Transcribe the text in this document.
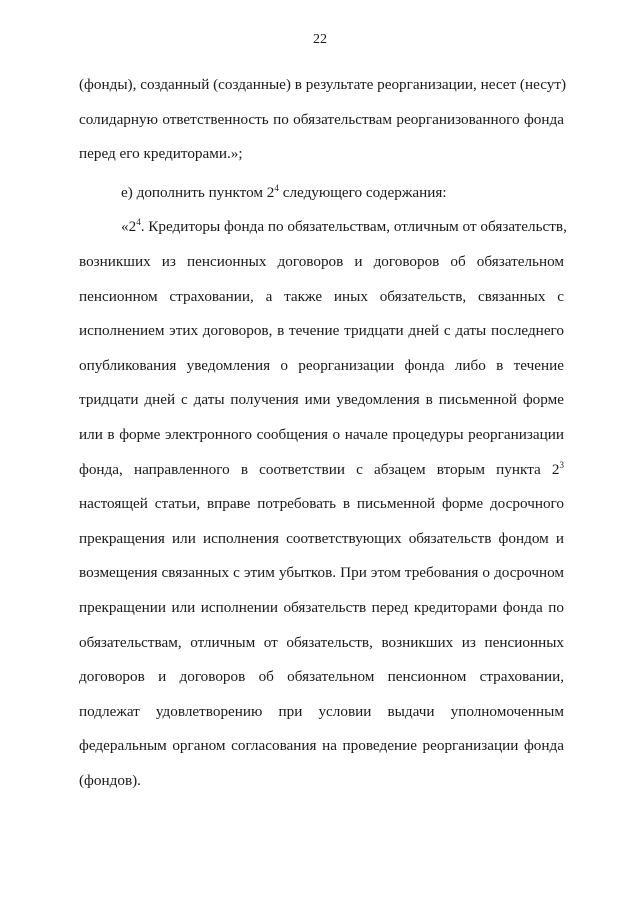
22
(фонды), созданный (созданные) в результате реорганизации, несет (несут)
солидарную ответственность по обязательствам реорганизованного фонда
перед его кредиторами.»;
е) дополнить пунктом $2^4$ следующего содержания:
«$2^4$. Кредиторы фонда по обязательствам, отличным от обязательств,
возникших из пенсионных договоров и договоров об обязательном
пенсионном страховании, а также иных обязательств, связанных с
исполнением этих договоров, в течение тридцати дней с даты последнего
опубликования уведомления о реорганизации фонда либо в течение
тридцати дней с даты получения ими уведомления в письменной форме
или в форме электронного сообщения о начале процедуры реорганизации
фонда, направленного в соответствии с абзацем вторым пункта $2^3$
настоящей статьи, вправе потребовать в письменной форме досрочного
прекращения или исполнения соответствующих обязательств фондом и
возмещения связанных с этим убытков. При этом требования о досрочном
прекращении или исполнении обязательств перед кредиторами фонда по
обязательствам, отличным от обязательств, возникших из пенсионных
договоров и договоров об обязательном пенсионном страховании,
подлежат удовлетворению при условии выдачи уполномоченным
федеральным органом согласования на проведение реорганизации фонда
(фондов).
